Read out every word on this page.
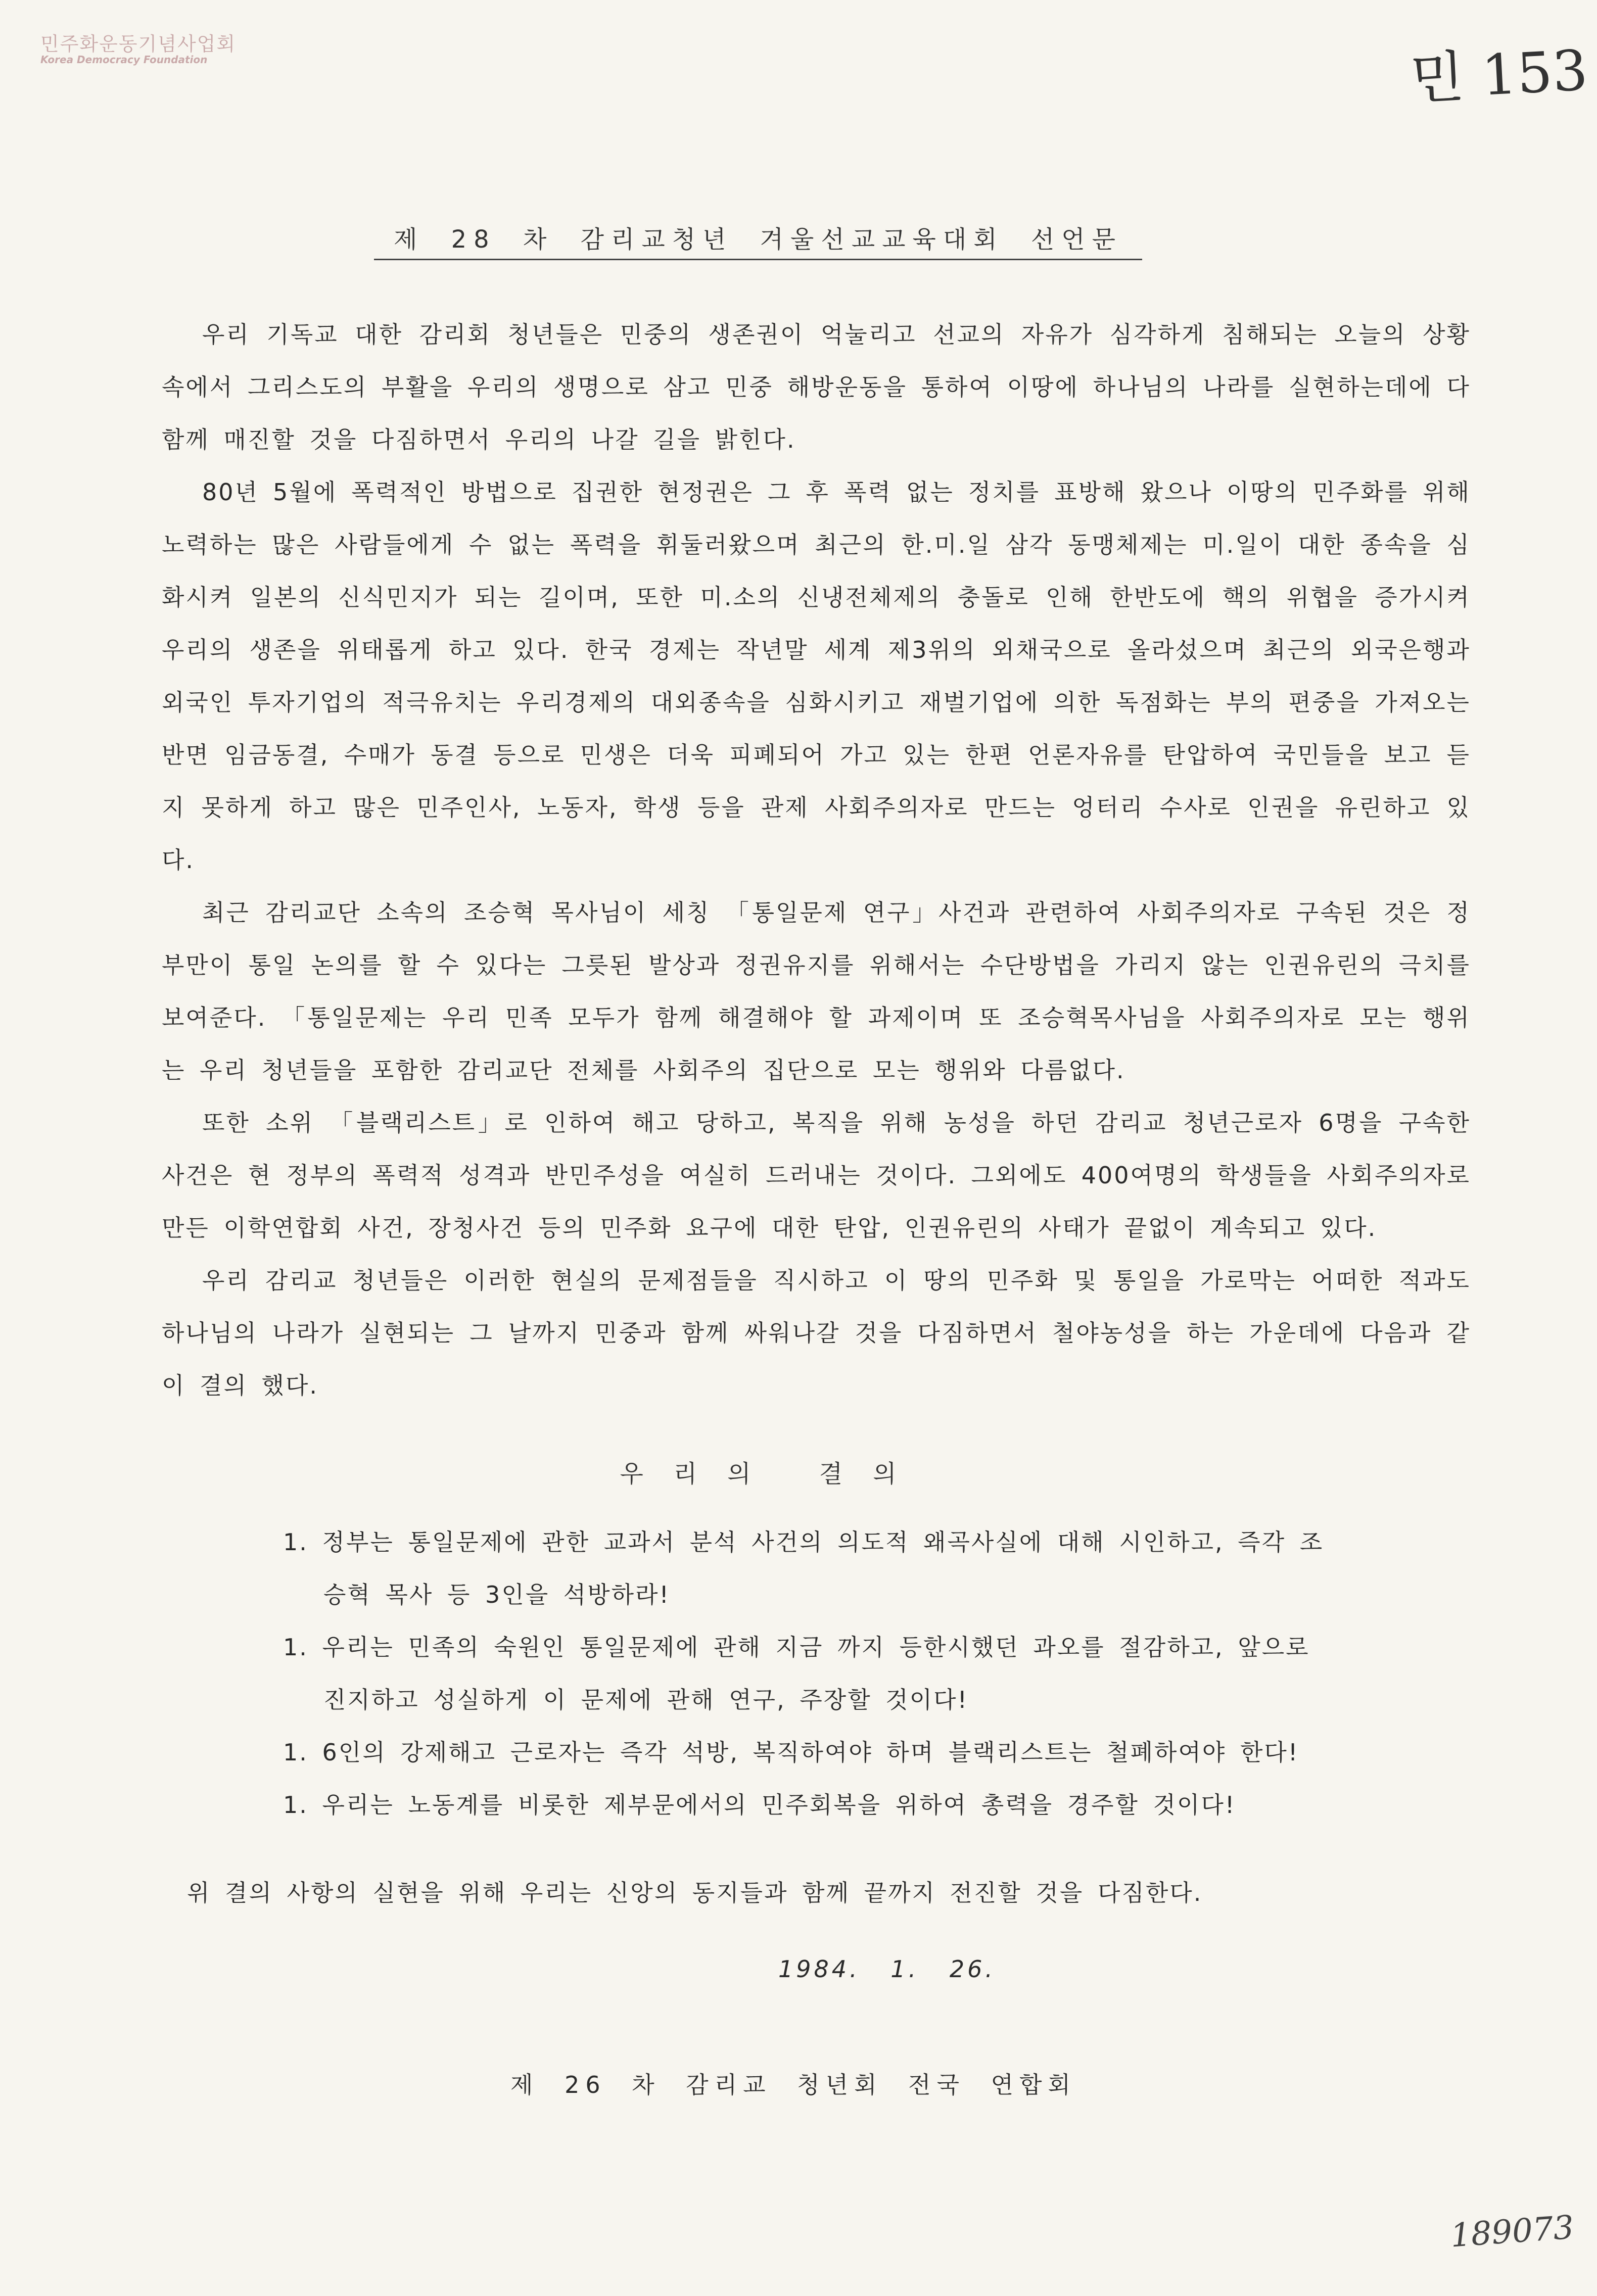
민주화운동기념사업회
Korea Democracy Foundation	민 153
제 28 차 감리교청년 겨울선교교육대회 선언문

우리 기독교 대한 감리회 청년들은 민중의 생존권이 억눌리고 선교의 자유가 심각하게 침해되는 오늘의 상황 속에서 그리스도의 부활을 우리의 생명으로 삼고 민중 해방운동을 통하여 이땅에 하나님의 나라를 실현하는데에 다함께 매진할 것을 다짐하면서 우리의 나갈 길을 밝힌다.

80년 5월에 폭력적인 방법으로 집권한 현정권은 그 후 폭력 없는 정치를 표방해 왔으나 이땅의 민주화를 위해 노력하는 많은 사람들에게 수 없는 폭력을 휘둘러왔으며 최근의 한.미.일 삼각 동맹체제는 미.일이 대한 종속을 심화시켜 일본의 신식민지가 되는 길이며, 또한 미.소의 신냉전체제의 충돌로 인해 한반도에 핵의 위협을 증가시켜 우리의 생존을 위태롭게 하고 있다. 한국 경제는 작년말 세계 제3위의 외채국으로 올라섰으며 최근의 외국은행과 외국인 투자기업의 적극유치는 우리경제의 대외종속을 심화시키고 재벌기업에 의한 독점화는 부의 편중을 가져오는 반면 임금동결, 수매가 동결 등으로 민생은 더욱 피폐되어 가고 있는 한편 언론자유를 탄압하여 국민들을 보고 듣지 못하게 하고 많은 민주인사, 노동자, 학생 등을 관제 사회주의자로 만드는 엉터리 수사로 인권을 유린하고 있다.

최근 감리교단 소속의 조승혁 목사님이 세칭 「통일문제 연구」사건과 관련하여 사회주의자로 구속된 것은 정부만이 통일 논의를 할 수 있다는 그릇된 발상과 정권유지를 위해서는 수단방법을 가리지 않는 인권유린의 극치를 보여준다. 「통일문제는 우리 민족 모두가 함께 해결해야 할 과제이며 또 조승혁목사님을 사회주의자로 모는 행위는 우리 청년들을 포함한 감리교단 전체를 사회주의 집단으로 모는 행위와 다름없다.

또한 소위 「블랙리스트」로 인하여 해고 당하고, 복직을 위해 농성을 하던 감리교 청년근로자 6명을 구속한 사건은 현 정부의 폭력적 성격과 반민주성을 여실히 드러내는 것이다. 그외에도 400여명의 학생들을 사회주의자로 만든 이학연합회 사건, 장청사건 등의 민주화 요구에 대한 탄압, 인권유린의 사태가 끝없이 계속되고 있다.

우리 감리교 청년들은 이러한 현실의 문제점들을 직시하고 이 땅의 민주화 및 통일을 가로막는 어떠한 적과도 하나님의 나라가 실현되는 그 날까지 민중과 함께 싸워나갈 것을 다짐하면서 철야농성을 하는 가운데에 다음과 같이 결의 했다.

우리의 결의
1. 정부는 통일문제에 관한 교과서 분석 사건의 의도적 왜곡사실에 대해 시인하고, 즉각 조승혁 목사 등 3인을 석방하라!
1. 우리는 민족의 숙원인 통일문제에 관해 지금 까지 등한시했던 과오를 절감하고, 앞으로 진지하고 성실하게 이 문제에 관해 연구, 주장할 것이다!
1. 6인의 강제해고 근로자는 즉각 석방, 복직하여야 하며 블랙리스트는 철폐하여야 한다!
1. 우리는 노동계를 비롯한 제부문에서의 민주회복을 위하여 총력을 경주할 것이다!
위 결의 사항의 실현을 위해 우리는 신앙의 동지들과 함께 끝까지 전진할 것을 다짐한다.
1984. 1. 26.
제 26 차 감리교 청년회 전국 연합회
189073
